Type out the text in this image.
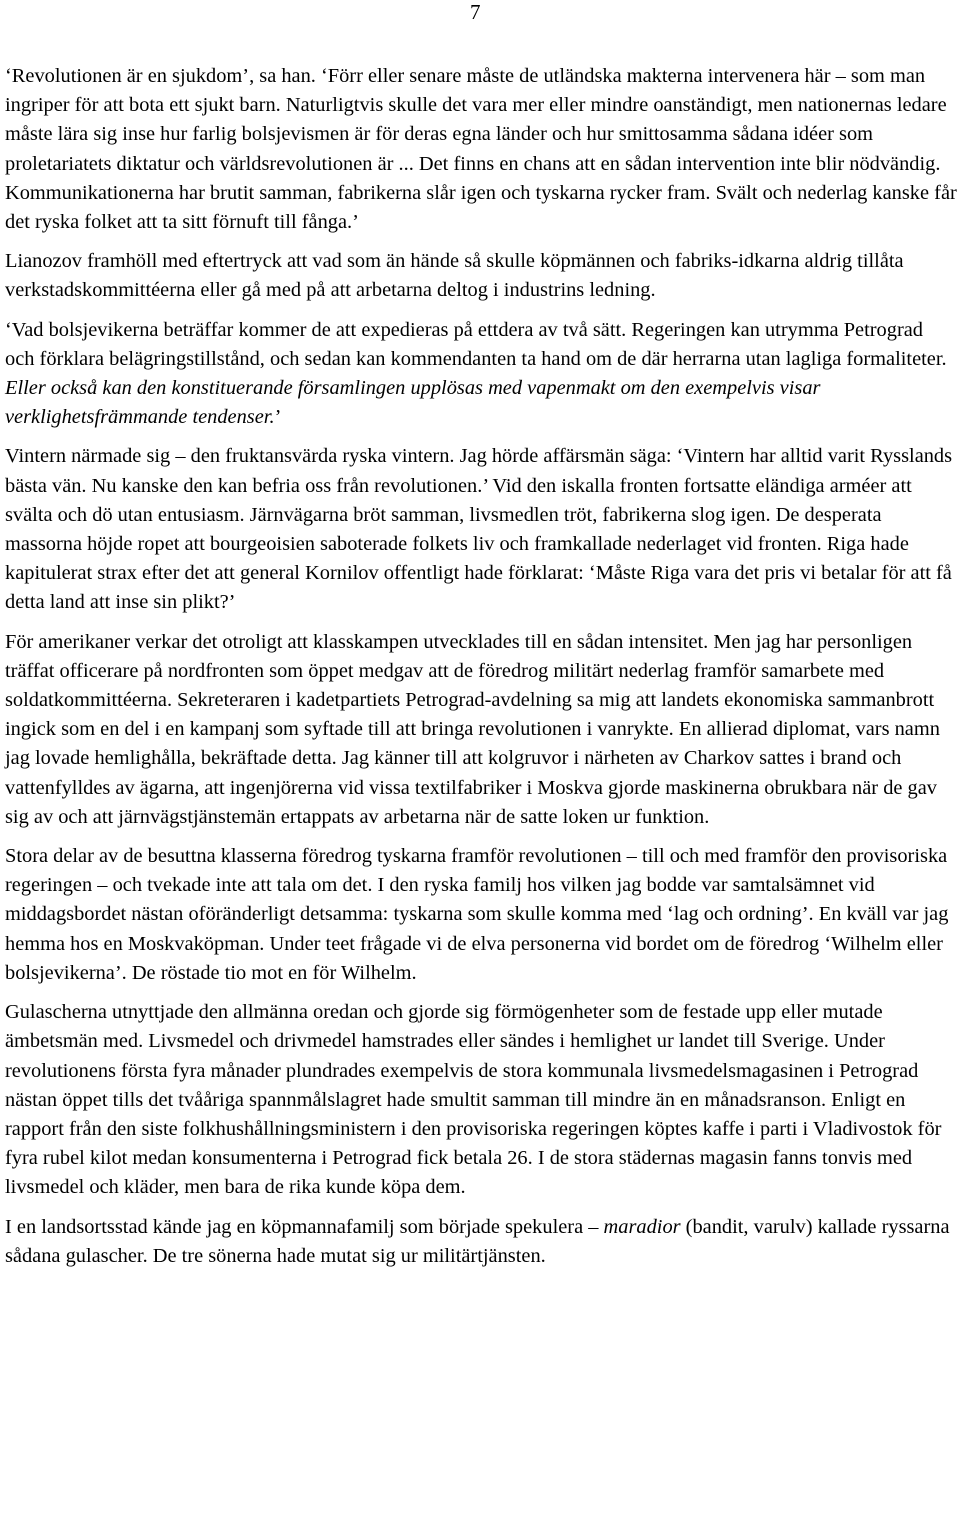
7

‘Revolutionen är en sjukdom’, sa han. ‘Förr eller senare måste de utländska makterna intervenera här – som man ingriper för att bota ett sjukt barn. Naturligtvis skulle det vara mer eller mindre oanständigt, men nationernas ledare måste lära sig inse hur farlig bolsjevismen är för deras egna länder och hur smittosamma sådana idéer som proletariatets diktatur och världsrevolutionen är ... Det finns en chans att en sådan intervention inte blir nödvändig. Kommunikationerna har brutit samman, fabrikerna slår igen och tyskarna rycker fram. Svält och nederlag kanske får det ryska folket att ta sitt förnuft till fånga.’

Lianozov framhöll med eftertryck att vad som än hände så skulle köpmännen och fabriks-idkarna aldrig tillåta verkstadskommittéerna eller gå med på att arbetarna deltog i industrins ledning.

‘Vad bolsjevikerna beträffar kommer de att expedieras på ettdera av två sätt. Regeringen kan utrymma Petrograd och förklara belägringstillstånd, och sedan kan kommendanten ta hand om de där herrarna utan lagliga formaliteter. Eller också kan den konstituerande församlingen upplösas med vapenmakt om den exempelvis visar verklighetsfrämmande tendenser.’

Vintern närmade sig – den fruktansvärda ryska vintern. Jag hörde affärsmän säga: ‘Vintern har alltid varit Rysslands bästa vän. Nu kanske den kan befria oss från revolutionen.’ Vid den iskalla fronten fortsatte eländiga arméer att svälta och dö utan entusiasm. Järnvägarna bröt samman, livsmedlen tröt, fabrikerna slog igen. De desperata massorna höjde ropet att bourgeoisien saboterade folkets liv och framkallade nederlaget vid fronten. Riga hade kapitulerat strax efter det att general Kornilov offentligt hade förklarat: ‘Måste Riga vara det pris vi betalar för att få detta land att inse sin plikt?’

För amerikaner verkar det otroligt att klasskampen utvecklades till en sådan intensitet. Men jag har personligen träffat officerare på nordfronten som öppet medgav att de föredrog militärt nederlag framför samarbete med soldatkommittéerna. Sekreteraren i kadetpartiets Petrograd-avdelning sa mig att landets ekonomiska sammanbrott ingick som en del i en kampanj som syftade till att bringa revolutionen i vanrykte. En allierad diplomat, vars namn jag lovade hemlighålla, bekräftade detta. Jag känner till att kolgruvor i närheten av Charkov sattes i brand och vattenfylldes av ägarna, att ingenjörerna vid vissa textilfabriker i Moskva gjorde maskinerna obrukbara när de gav sig av och att järnvägstjänstemän ertappats av arbetarna när de satte loken ur funktion.

Stora delar av de besuttna klasserna föredrog tyskarna framför revolutionen – till och med framför den provisoriska regeringen – och tvekade inte att tala om det. I den ryska familj hos vilken jag bodde var samtalsämnet vid middagsbordet nästan oföränderligt detsamma: tyskarna som skulle komma med ‘lag och ordning’. En kväll var jag hemma hos en Moskvaköpman. Under teet frågade vi de elva personerna vid bordet om de föredrog ‘Wilhelm eller bolsjevikerna’. De röstade tio mot en för Wilhelm.

Gulascherna utnyttjade den allmänna oredan och gjorde sig förmögenheter som de festade upp eller mutade ämbetsmän med. Livsmedel och drivmedel hamstrades eller sändes i hemlighet ur landet till Sverige. Under revolutionens första fyra månader plundrades exempelvis de stora kommunala livsmedelsmagasinen i Petrograd nästan öppet tills det tvååriga spannmålslagret hade smultit samman till mindre än en månadsranson. Enligt en rapport från den siste folkhushållningsministern i den provisoriska regeringen köptes kaffe i parti i Vladivostok för fyra rubel kilot medan konsumenterna i Petrograd fick betala 26. I de stora städernas magasin fanns tonvis med livsmedel och kläder, men bara de rika kunde köpa dem.

I en landsortsstad kände jag en köpmannafamilj som började spekulera – maradior (bandit, varulv) kallade ryssarna sådana gulascher. De tre sönerna hade mutat sig ur militärtjänsten.
